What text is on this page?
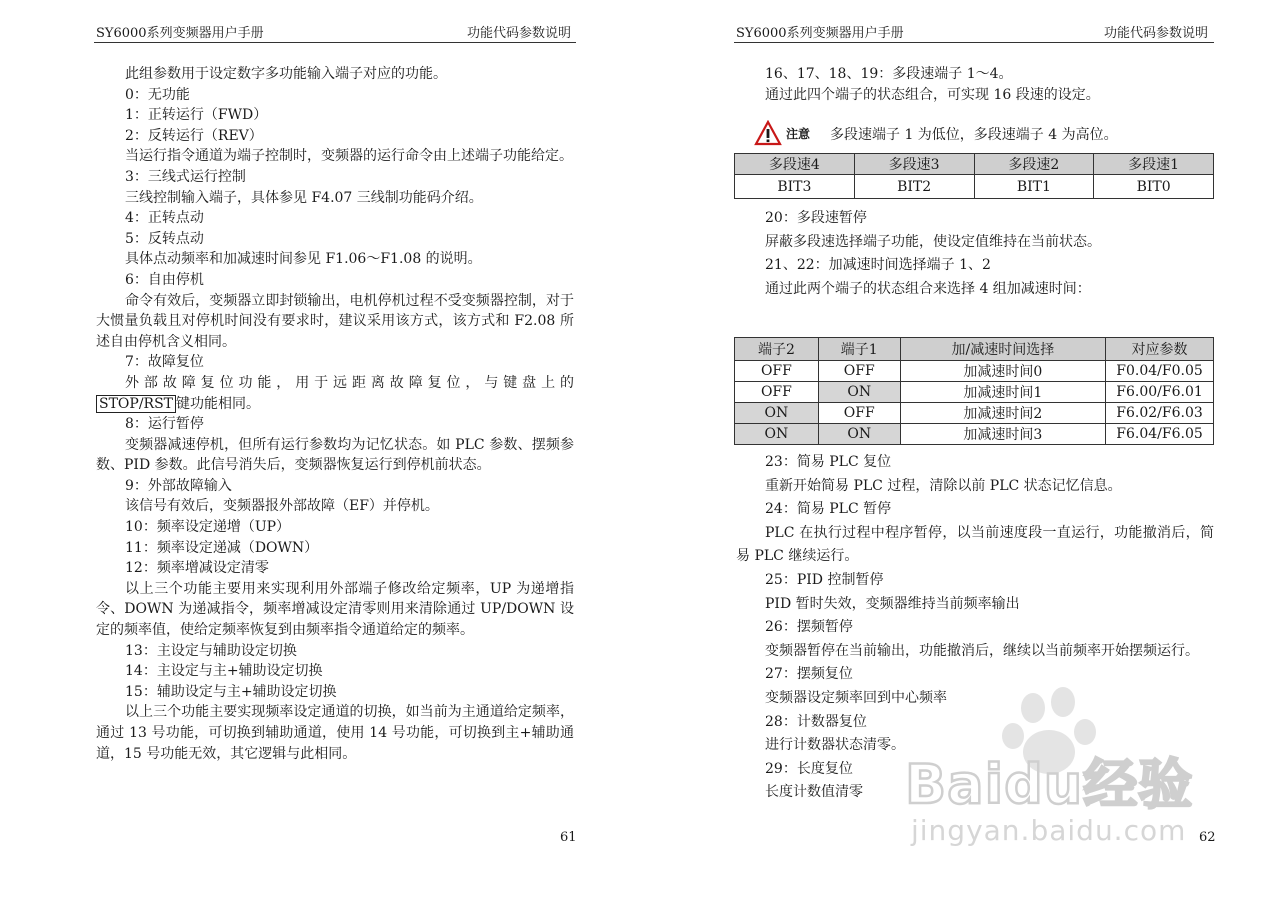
SY6000系列变频器用户手册	功能代码参数说明

此组参数用于设定数字多功能输入端子对应的功能。

0：无功能

1：正转运行（FWD）

2：反转运行（REV）

当运行指令通道为端子控制时，变频器的运行命令由上述端子功能给定。

3：三线式运行控制

三线控制输入端子，具体参见 F4.07 三线制功能码介绍。

4：正转点动

5：反转点动

具体点动频率和加减速时间参见 F1.06～F1.08 的说明。

6：自由停机

命令有效后，变频器立即封锁输出，电机停机过程不受变频器控制，对于大惯量负载且对停机时间没有要求时，建议采用该方式，该方式和 F2.08 所述自由停机含义相同。

7：故障复位

外部故障复位功能，用于远距离故障复位，与键盘上的

STOP/RST 键功能相同。

8：运行暂停

变频器减速停机，但所有运行参数均为记忆状态。如 PLC 参数、摆频参数、PID 参数。此信号消失后，变频器恢复运行到停机前状态。

9：外部故障输入

该信号有效后，变频器报外部故障（EF）并停机。

10：频率设定递增（UP）

11：频率设定递减（DOWN）

12：频率增减设定清零

以上三个功能主要用来实现利用外部端子修改给定频率，UP 为递增指令、DOWN 为递减指令，频率增减设定清零则用来清除通过 UP/DOWN 设定的频率值，使给定频率恢复到由频率指令通道给定的频率。

13：主设定与辅助设定切换

14：主设定与主+辅助设定切换

15：辅助设定与主+辅助设定切换

以上三个功能主要实现频率设定通道的切换，如当前为主通道给定频率，通过 13 号功能，可切换到辅助通道，使用 14 号功能，可切换到主+辅助通道，15 号功能无效，其它逻辑与此相同。

61
SY6000系列变频器用户手册	功能代码参数说明

16、17、18、19：多段速端子 1～4。

通过此四个端子的状态组合，可实现 16 段速的设定。

20：多段速暂停

屏蔽多段速选择端子功能，使设定值维持在当前状态。

21、22：加减速时间选择端子 1、2

通过此两个端子的状态组合来选择 4 组加减速时间：

23：简易 PLC 复位

重新开始简易 PLC 过程，清除以前 PLC 状态记忆信息。

24：简易 PLC 暂停

PLC 在执行过程中程序暂停，以当前速度段一直运行，功能撤消后，简易 PLC 继续运行。

25：PID 控制暂停

PID 暂时失效，变频器维持当前频率输出

26：摆频暂停

变频器暂停在当前输出，功能撤消后，继续以当前频率开始摆频运行。

27：摆频复位

变频器设定频率回到中心频率

28：计数器复位

进行计数器状态清零。

29：长度复位

长度计数值清零

62
注意 多段速端子 1 为低位，多段速端子 4 为高位。
多段速4	多段速3	多段速2	多段速1
BIT3	BIT2	BIT1	BIT0
端子2	端子1	加/减速时间选择	对应参数
OFF	OFF	加减速时间0	F0.04/F0.05
OFF	ON	加减速时间1	F6.00/F6.01
ON	OFF	加减速时间2	F6.02/F6.03
ON	ON	加减速时间3	F6.04/F6.05
Baidu经验
jingyan.baidu.com
